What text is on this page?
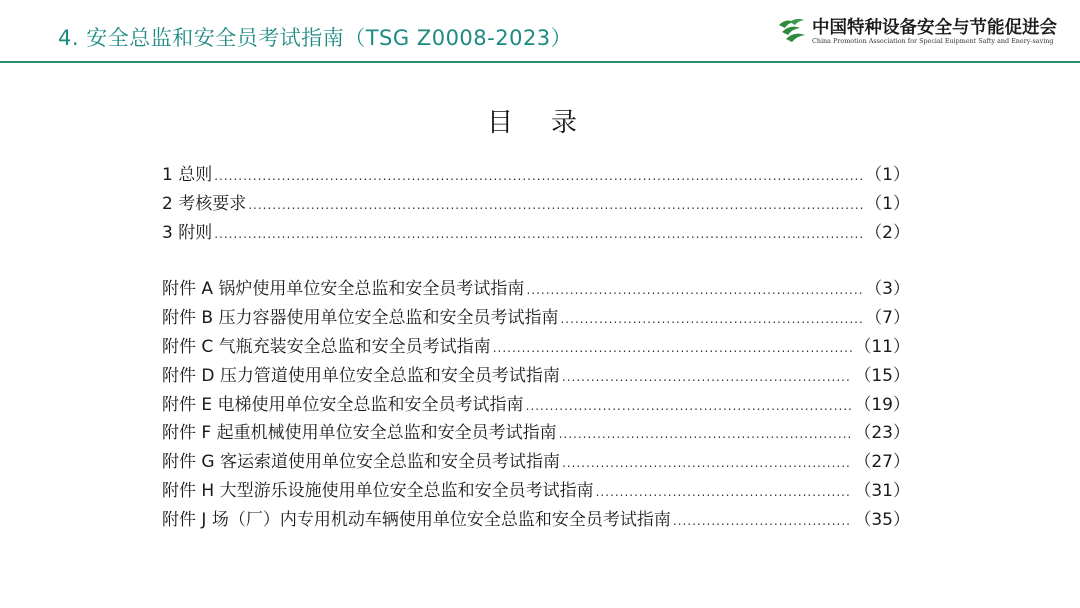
4. 安全总监和安全员考试指南（TSG Z0008-2023）	中国特种设备安全与节能促进会
China Promotion Association for Special Euipment Safty and Enery-saving
目录
1 总则 .....	（1）
2 考核要求 .....	（1）
3 附则 .....	（2）
附件 A 锅炉使用单位安全总监和安全员考试指南 .....	（3）
附件 B 压力容器使用单位安全总监和安全员考试指南 .....	（7）
附件 C 气瓶充装安全总监和安全员考试指南 .....	（11）
附件 D 压力管道使用单位安全总监和安全员考试指南 .....	（15）
附件 E 电梯使用单位安全总监和安全员考试指南 .....	（19）
附件 F 起重机械使用单位安全总监和安全员考试指南 .....	（23）
附件 G 客运索道使用单位安全总监和安全员考试指南 .....	（27）
附件 H 大型游乐设施使用单位安全总监和安全员考试指南 .....	（31）
附件 J 场（厂）内专用机动车辆使用单位安全总监和安全员考试指南 .....	（35）
